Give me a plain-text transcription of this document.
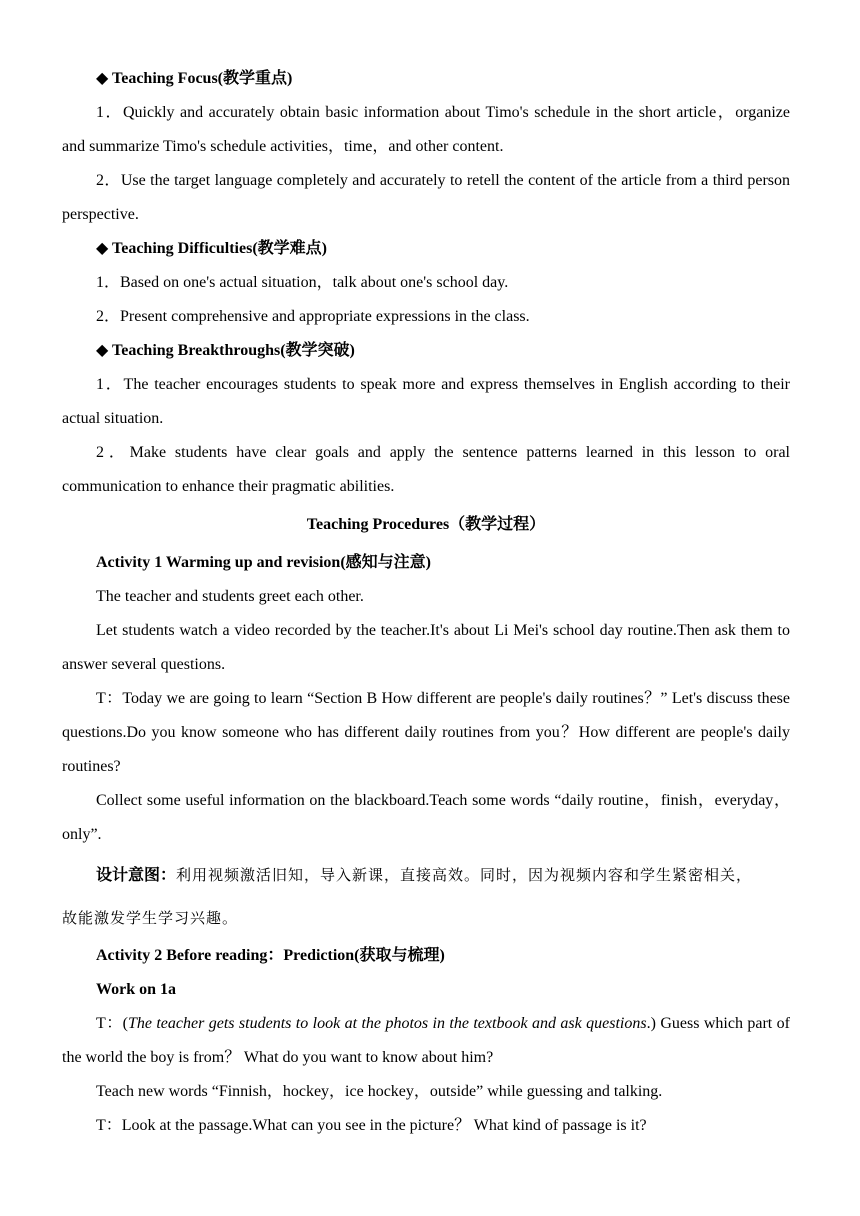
◆ Teaching Focus(教学重点)

1．Quickly and accurately obtain basic information about Timo's schedule in the short article，organize and summarize Timo's schedule activities，time，and other content.

2．Use the target language completely and accurately to retell the content of the article from a third person perspective.

◆ Teaching Difficulties(教学难点)

1．Based on one's actual situation，talk about one's school day.

2．Present comprehensive and appropriate expressions in the class.

◆ Teaching Breakthroughs(教学突破)

1．The teacher encourages students to speak more and express themselves in English according to their actual situation.

2．Make students have clear goals and apply the sentence patterns learned in this lesson to oral communication to enhance their pragmatic abilities.

Teaching Procedures（教学过程）

Activity 1 Warming up and revision(感知与注意)

The teacher and students greet each other.

Let students watch a video recorded by the teacher.It's about Li Mei's school day routine.Then ask them to answer several questions.

T：Today we are going to learn “Section B How different are people's daily routines？” Let's discuss these questions.Do you know someone who has different daily routines from you？How different are people's daily routines?

Collect some useful information on the blackboard.Teach some words “daily routine，finish，everyday，only”.

设计意图：利用视频激活旧知，导入新课，直接高效。同时，因为视频内容和学生紧密相关，

故能激发学生学习兴趣。

Activity 2 Before reading：Prediction(获取与梳理)

Work on 1a

T：(The teacher gets students to look at the photos in the textbook and ask questions.) Guess which part of the world the boy is from？ What do you want to know about him?

Teach new words “Finnish，hockey，ice hockey，outside” while guessing and talking.

T：Look at the passage.What can you see in the picture？ What kind of passage is it?
